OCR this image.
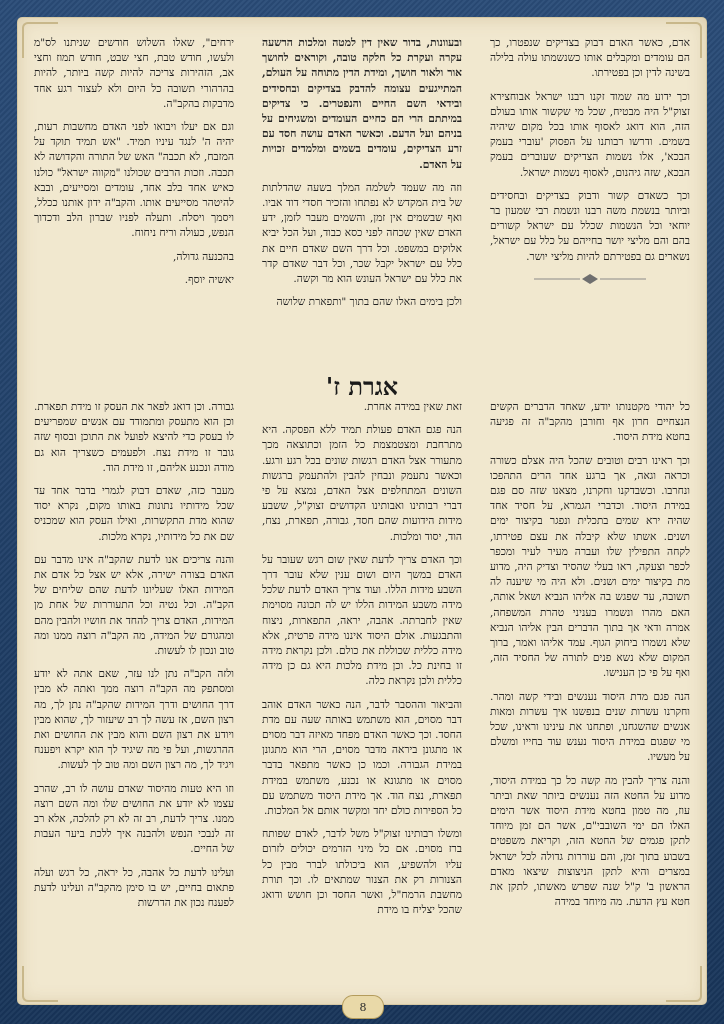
אדם, כאשר האדם דבוק בצדיקים שנפטרו, כך הם עומדים ומקבלים אותו כשנשמתו עולה בלילה בשינה לדין וכן בפטירתו.

וכך ידוע מה שמוד זקנו רבנו ישראל אבוחצירא זצוק"ל היה מבטיח, שכל מי שקשור אותו בעולם הזה, הוא דואג לאסוף אותו בכל מקום שיהיה בשמים. ודרשו רבותנו על הפסוק 'עוברי בעמק הבכא', אלו נשמות הצדיקים שעוברים בעמק הבכא, שזה גיהנום, לאסוף נשמות ישראל.

וכך כשאדם קשור ודבוק בצדיקים ובחסידים וביותר בנשמת משה רבנו ונשמת רבי שמעון בר יוחאי וכל הנשמות שכלל עם ישראל קשורים בהם והם מליצי יושר בחייהם על כלל עם ישראל, נשארים גם בפטירתם להיות מליצי יושר.

ובעוונות, בדור שאין דין למטה ומלכות הרשעה עקרה ועקרת כל חלקה טובה, וקוראים לחושך אור ולאור חושך, ומידת הדין מתוחה על העולם, המתייגעים עצומה להדבק בצדיקים ובחסידים ובידאי השם החיים והנפטרים. כי צדיקים במיתתם הרי הם כחיים העומדים ומשגיחים על בניהם ועל הדעם. וכאשר האדם עושה חסד עם זרע הצדיקים, עומדים בשמים ומלמדים זכויות על האדם.

וזה מה שעמד לשלמה המלך בשעה שהדלתות של בית המקדש לא נפתחו והזכיר חסדי דוד אביו. ואף שבשמים אין זמן, והשמים מעבר לזמן, ידע האדם שאין שכחה לפני כסא כבוד, ועל הכל יביא אלוקים במשפט. וכל דרך השם שאדם חיים את כלל עם ישראל יקבל שכר, וכל דבר שאדם קדר את כלל עם ישראל העונש הוא מר וקשה.

ולכן בימים האלו שהם בתוך "ותפארת שלושה

ירחים", שאלו השלוש חודשים שניתנו לס"מ ולעשו, חודש טבת, חצי שבט, חודש תמוז וחצי אב, הזהירות צריכה להיות קשה ביותר, להיות בהרהורי תשובה כל היום ולא לעצור רגע אחד מדבקות בהקב"ה.

וגם אם יעלו ויבואו לפני האדם מחשבות רעות, יהיה ה' לנגד עיניו תמיד. "אש תמיד תוקד על המזבח, לא תכבה" האש של התורה והקדושה לא תכבה. וזכות הרבים שכולנו "מקווה ישראל" כולנו כאיש אחד בלב אחד, עומדים ומסייעים, ובבא להיטהר מסייעים אותו. והקב"ה ידון אותנו ככלל, ויסמך ויסלח. ותעלה לפניו שברון הלב ודכדוך הנפש, כעולה וריח ניחוח.

בהכנעה גדולה,

יאשיה יוסף.

אגרת ז'

כל יהודי מקטנותו יודע, שאחד הדברים הקשים הנצחיים חרון אף וחורבן מהקב"ה זה פגיעה בחטא מידת היסוד.

וכך ראינו רבים וטובים שהכל היה אצלם כשורה וכראה וגאה, אך ברגע אחד הרים התהפכו ונחרבו. וכשבדקנו וחקרנו, מצאנו שזה סם פגם במידת היסוד. וכדברי הגמרא, על חסיד אחד שהיה ירא שמים בתכלית ונפגר בקיצור ימים ושנים. אשתו שלא קיבלה את עצם פטירתו, לקחה התפילין שלו ועברה מעיר לעיר ומכפר לכפר וצעקה, ראו בעלי שהסיד וצדיק היה, מדוע מת בקיצור ימים ושנים. ולא היה מי שיענה לה תשובה, עד שפגש בה אליהו הנביא ושאל אותה, האם מהרו ונשמרו בעניני טהרת המשפחה, אמרה ודאי אך בתוך הדברים הבין אליהו הנביא שלא נשמרו ביחוק הגוף. עמד אליהו ואמר, ברוך המקום שלא נשא פנים לתורה של החסיד הזה, ואף על פי כן הענישו.

הנה פגם מדת היסוד נענשים ובידי קשה ומהר. וחקרנו עשרות שנים בנפשנו איך עשרות ומאות אנשים שהשגחנו, ופתחנו את עינינו וראינו, שכל מי שפגום במידת היסוד נענש עוד בחייו ומשלם על מעשיו.

והנה צריך להבין מה קשה כל כך במידת היסוד, מדוע על החטא הזה נענשים ביותר שאת וביתר עוז, מה טמון בחטא מידת היסוד אשר הימים האלו הם ימי השובבי"ם, אשר הם זמן מיוחד לתקן פגמים של החטא הזה, וקריאת משפטים בשבוע בתוך זמן, והם עוררות גדולה לכל ישראל במצרים והיא לתקן הניצוצות שיצאו מאדם הראשון ב' ק"ל שנה שפרש מאשתו, לתקן את חטא עץ הדעת. מה מיוחד במידה

זאת שאין במידה אחרת.

הנה פגם האדם פעולת תמיד ללא הפסקה. היא מתרחבת ומצטמצמת כל הזמן וכתוצאה מכך מתעורר אצל האדם רגשות שונים בכל רגע ורגע. וכאשר נתעמק ונבחין להבין ולהתעמק ברגשות השונים המתחלפים אצל האדם, נמצא על פי דברי רבותינו ואבותינו הקדושים זצוק"ל, ששבע מידות הידועות שהם חסד, גבורה, תפארת, נצח, הוד, יסוד ומלכות.

וכך האדם צריך לדעת שאין שום רגש שעובר על האדם במשך היום ושום ענין שלא עובר דרך השבע מידות הללו. ועוד צריך האדם לדעת שלכל מידה משבע המידות הללו יש לה תכונה מסוימת שאין לחברתה. אהבה, יראה, התפארות, ניצוח והתבגעות. אולם היסוד איננו מידה פרטית, אלא מידה כללית שכוללת את כולם. ולכן נקראת מידה זו בחינת כל. וכן מידת מלכות היא גם כן מידה כללית ולכן נקראת כלה.

והביאור וההסבר לדבר, הנה כאשר האדם אוהב דבר מסוים, הוא משתמש באותה שעה עם מדת החסד. וכך כאשר האדם מפחד מאיזה דבר מסוים או מתגונן ביראה מדבר מסוים, הרי הוא מתגונן במידת הגבורה. וכמו כן כאשר מתפאר בדבר מסוים או מתגונא או נכנע, משתמש במידת תפארת, נצח הוד. אך מידת היסוד משתמש עם כל הספירות כולם יחד ומקשר אותם אל המלכות.

ומשלו רבותינו זצוק"ל משל לדבר, לאדם שפותח ברז מסוים. אם כל מיני הזרמים יכולים לזרום עליו ולהשפיע, הוא ביכולתו לברר מבין כל הצנורות רק את הצנור שמתאים לו. וכך תורת מחשבת הרמח"ל, ואשר החסד וכן חושש ודואג שהכל יצליח בו מידת

גבורה. וכן דואג לפאר את העסק זו מידת תפארת. וכן הוא מתעסק ומתמודד עם אנשים שמפריעים לו בעסק כדי להיצא לפועל את התוכן ובסוף שזה גובר זו מידת נצח. ולפעמים כשצריך הוא גם מודה ונכנע אליהם, זו מידת הוד.

מעבר כזה, שאדם דבוק לגמרי בדבר אחד עד שכל מידותיו נתונות באותו מקום, נקרא יסוד שהוא מדת התקשרות, ואילו העסק הוא שמכניס שם את כל מידותיו, נקרא מלכות.

והנה צריכים אנו לדעת שהקב"ה אינו מדבר עם האדם בצורה ישירה, אלא יש אצל כל אדם את המידות האלו שעליונו לדעת שהם שליחים של הקב"ה. וכל נטיה וכל התעוררות של אחת מן המידות, האדם צריך להחד את חושיו ולהבין מהם ומהגורם של המידה, מה הקב"ה רוצה ממנו ומה טוב ונכון לו לעשות.

ולזה הקב"ה נתן לנו עזר, שאם אתה לא יודע ומסתפק מה הקב"ה רוצה ממך ואתה לא מבין דרך החושים ודרך המידות שהקב"ה נתן לך, מה רצון השם, אז עשה לך רב שיעזור לך, שהוא מבין ויודע את רצון השם והוא מבין את החושים ואת ההרגשות, ועל פי מה שיגיד לך הוא יקרא ויפענח ויגיד לך, מה רצון השם ומה טוב לך לעשות.

וזו היא טעות מהיסוד שאדם עושה לו רב, שהרב עצמו לא יודע את החושים שלו ומה השם רוצה ממנו. צריך לדעת, רב זה לא רק להלכה, אלא רב זה לנבכי הנפש ולהבנה איך ללכת ביער העבות של החיים.

ועלינו לדעת כל אהבה, כל יראה, כל רגש ועלה פתאום בחיים, יש בו סימן מהקב"ה ועלינו לדעת לפענח נכון את הדרשות

8
